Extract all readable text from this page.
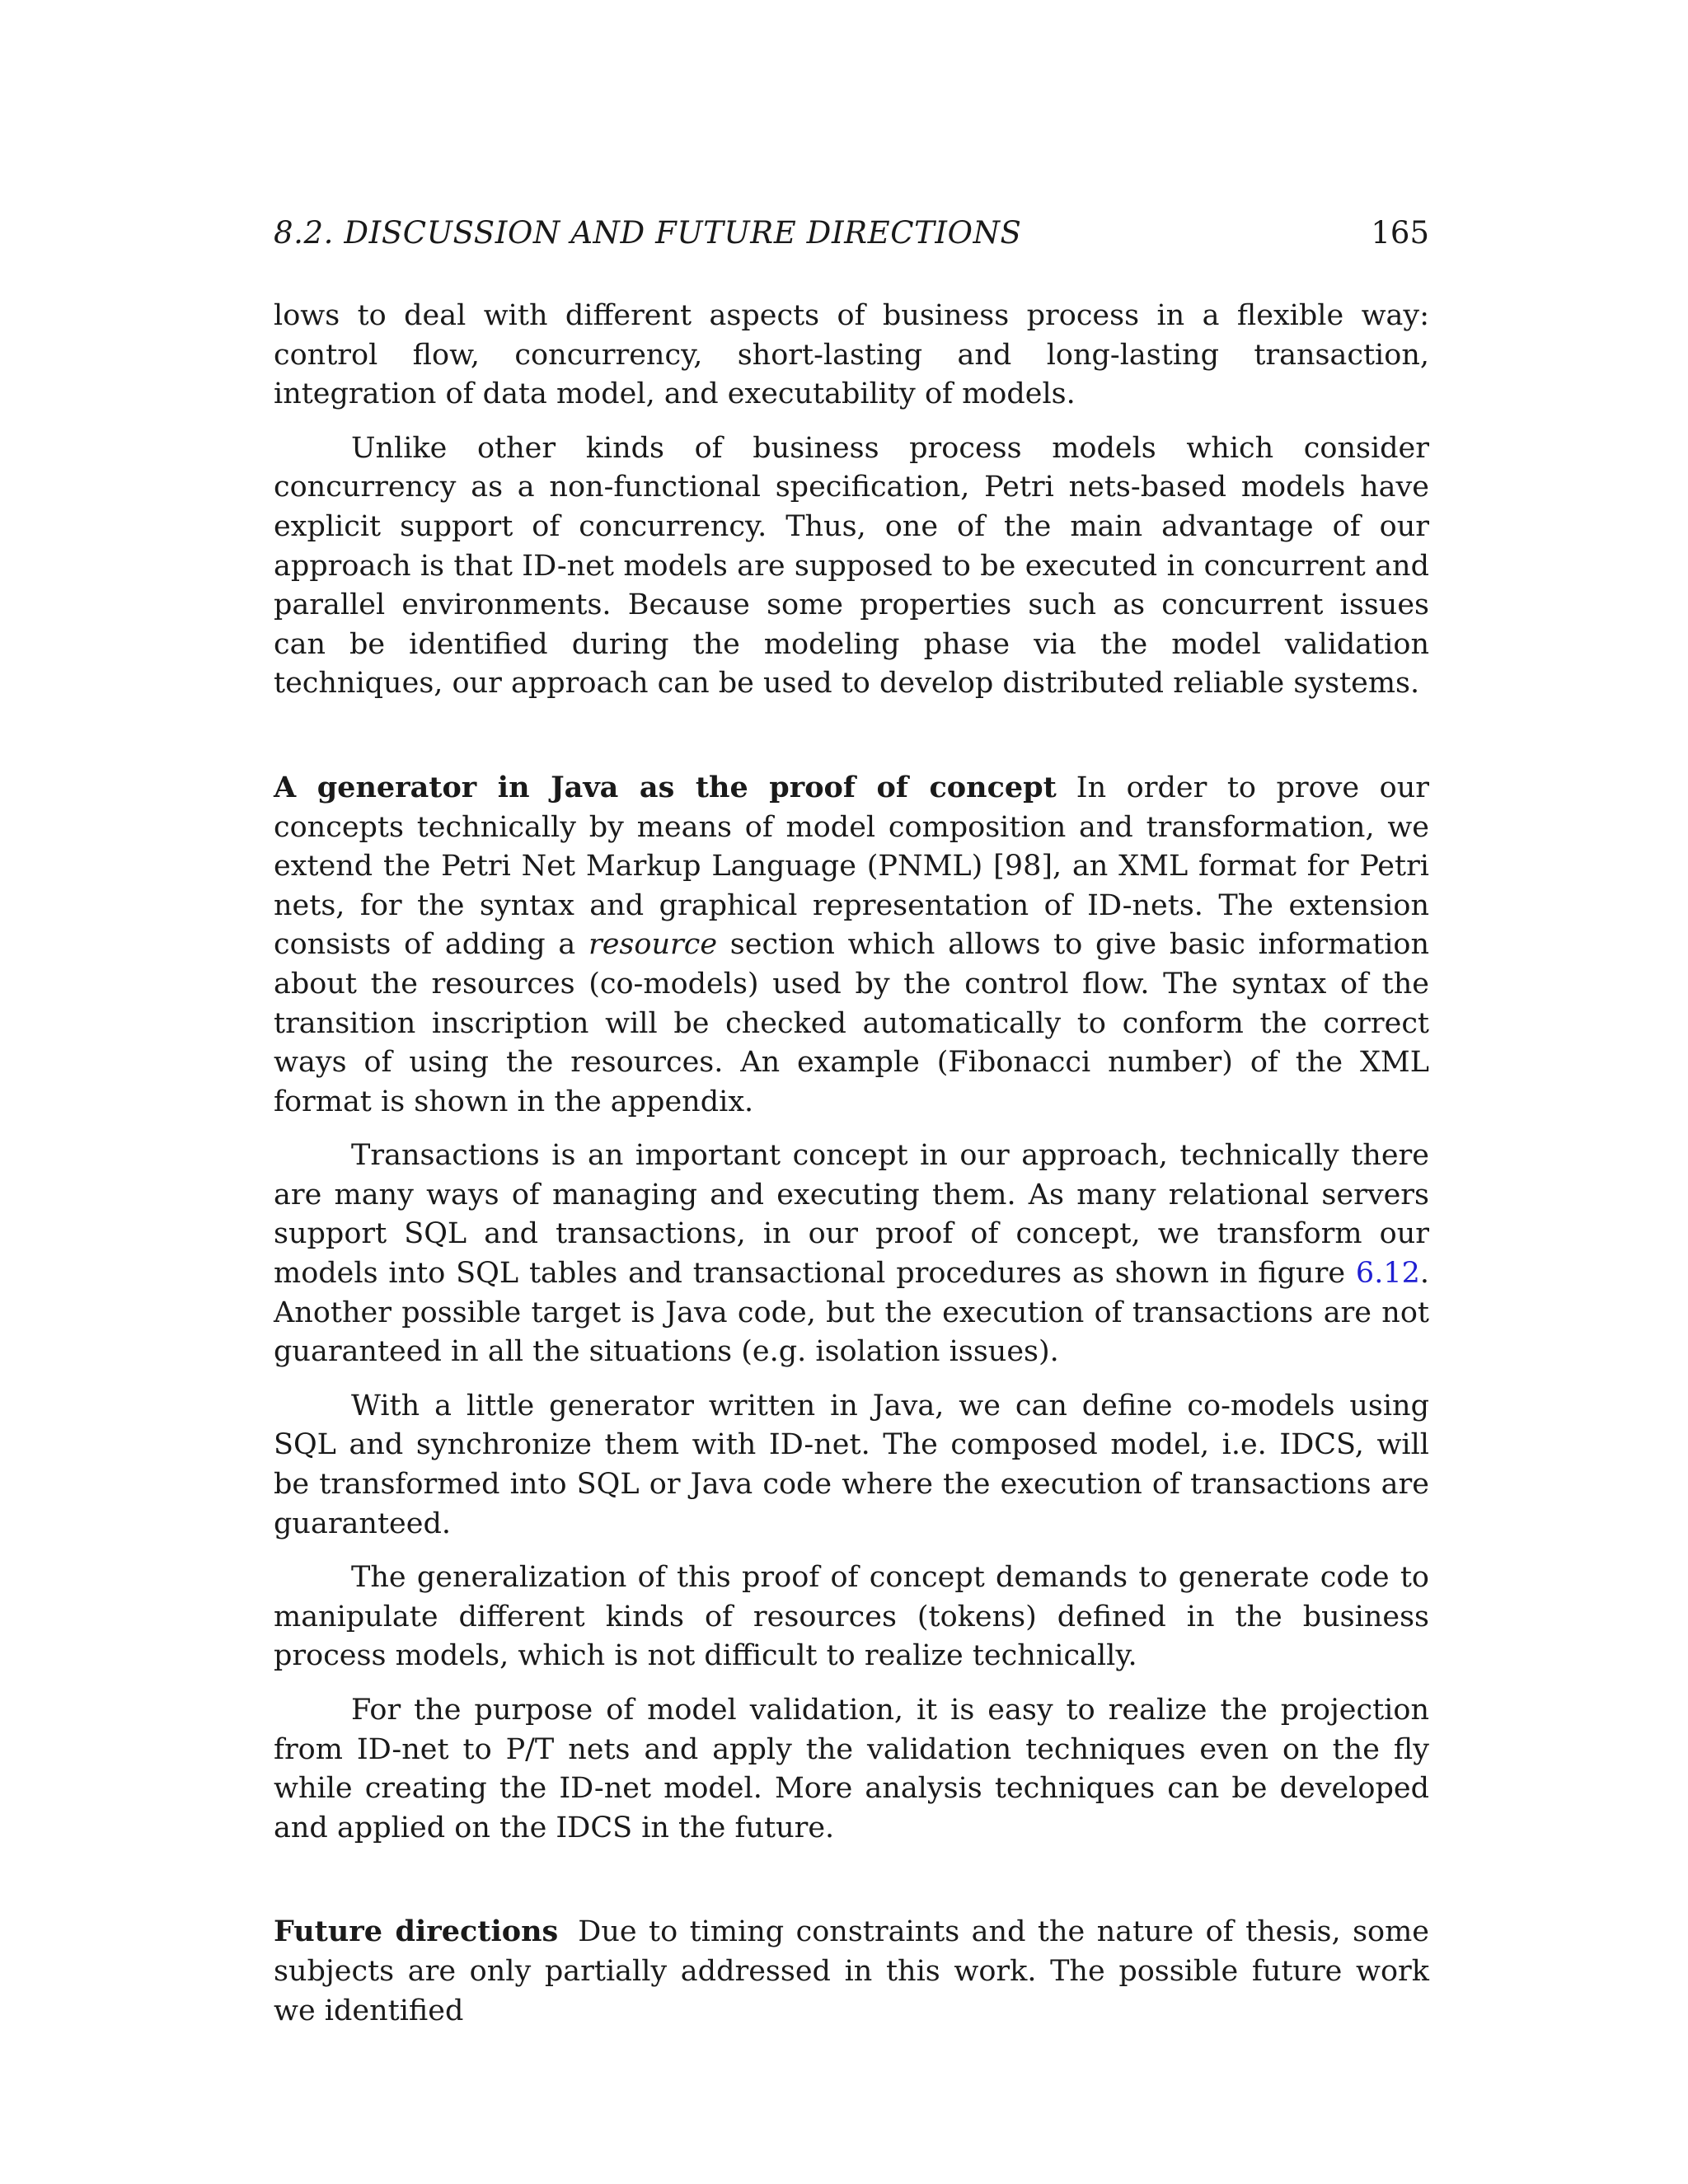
8.2. DISCUSSION AND FUTURE DIRECTIONS	165

lows to deal with different aspects of business process in a flexible way: control flow, concurrency, short-lasting and long-lasting transaction, integration of data model, and executability of models.

Unlike other kinds of business process models which consider concurrency as a non-functional specification, Petri nets-based models have explicit support of concurrency. Thus, one of the main advantage of our approach is that ID-net models are supposed to be executed in concurrent and parallel environments. Because some properties such as concurrent issues can be identified during the modeling phase via the model validation techniques, our approach can be used to develop distributed reliable systems.

A generator in Java as the proof of concept In order to prove our concepts technically by means of model composition and transformation, we extend the Petri Net Markup Language (PNML) [98], an XML format for Petri nets, for the syntax and graphical representation of ID-nets. The extension consists of adding a resource section which allows to give basic information about the resources (co-models) used by the control flow. The syntax of the transition inscription will be checked automatically to conform the correct ways of using the resources. An example (Fibonacci number) of the XML format is shown in the appendix.

Transactions is an important concept in our approach, technically there are many ways of managing and executing them. As many relational servers support SQL and transactions, in our proof of concept, we transform our models into SQL tables and transactional procedures as shown in figure 6.12. Another possible target is Java code, but the execution of transactions are not guaranteed in all the situations (e.g. isolation issues).

With a little generator written in Java, we can define co-models using SQL and synchronize them with ID-net. The composed model, i.e. IDCS, will be transformed into SQL or Java code where the execution of transactions are guaranteed.

The generalization of this proof of concept demands to generate code to manipulate different kinds of resources (tokens) defined in the business process models, which is not difficult to realize technically.

For the purpose of model validation, it is easy to realize the projection from ID-net to P/T nets and apply the validation techniques even on the fly while creating the ID-net model. More analysis techniques can be developed and applied on the IDCS in the future.

Future directions Due to timing constraints and the nature of thesis, some subjects are only partially addressed in this work. The possible future work we identified
